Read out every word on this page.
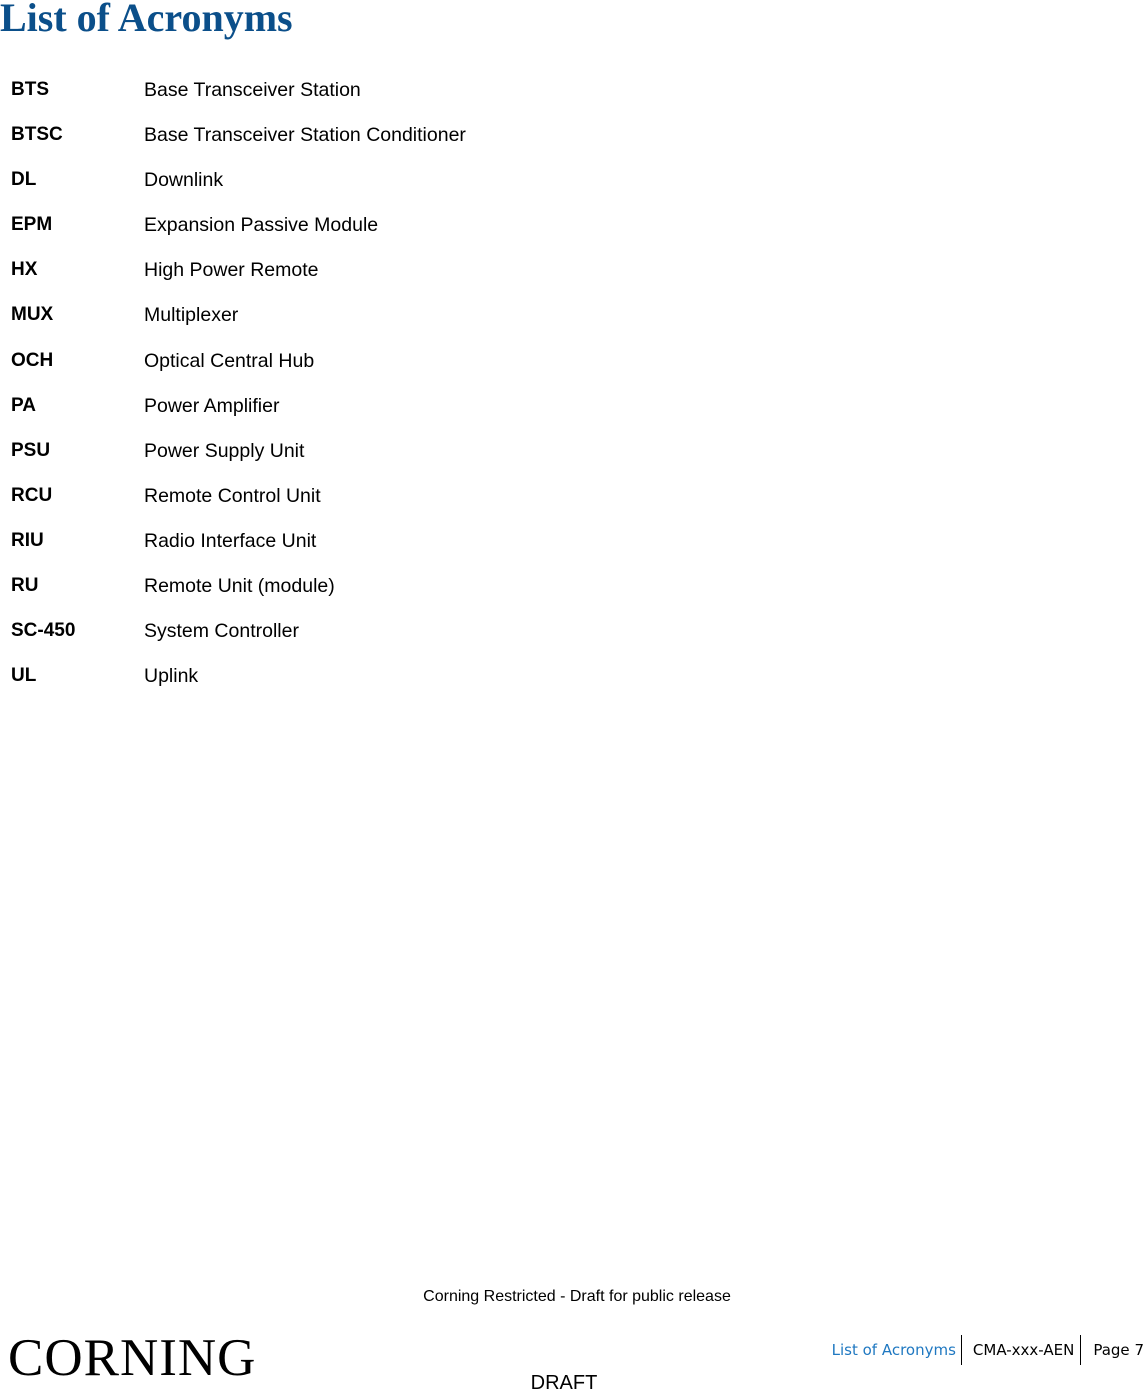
List of Acronyms
BTS	Base Transceiver Station
BTSC	Base Transceiver Station Conditioner
DL	Downlink
EPM	Expansion Passive Module
HX	High Power Remote
MUX	Multiplexer
OCH	Optical Central Hub
PA	Power Amplifier
PSU	Power Supply Unit
RCU	Remote Control Unit
RIU	Radio Interface Unit
RU	Remote Unit (module)
SC-450	System Controller
UL	Uplink
Corning Restricted - Draft for public release
CORNING	List of Acronyms	CMA-xxx-AEN	Page 7
DRAFT
